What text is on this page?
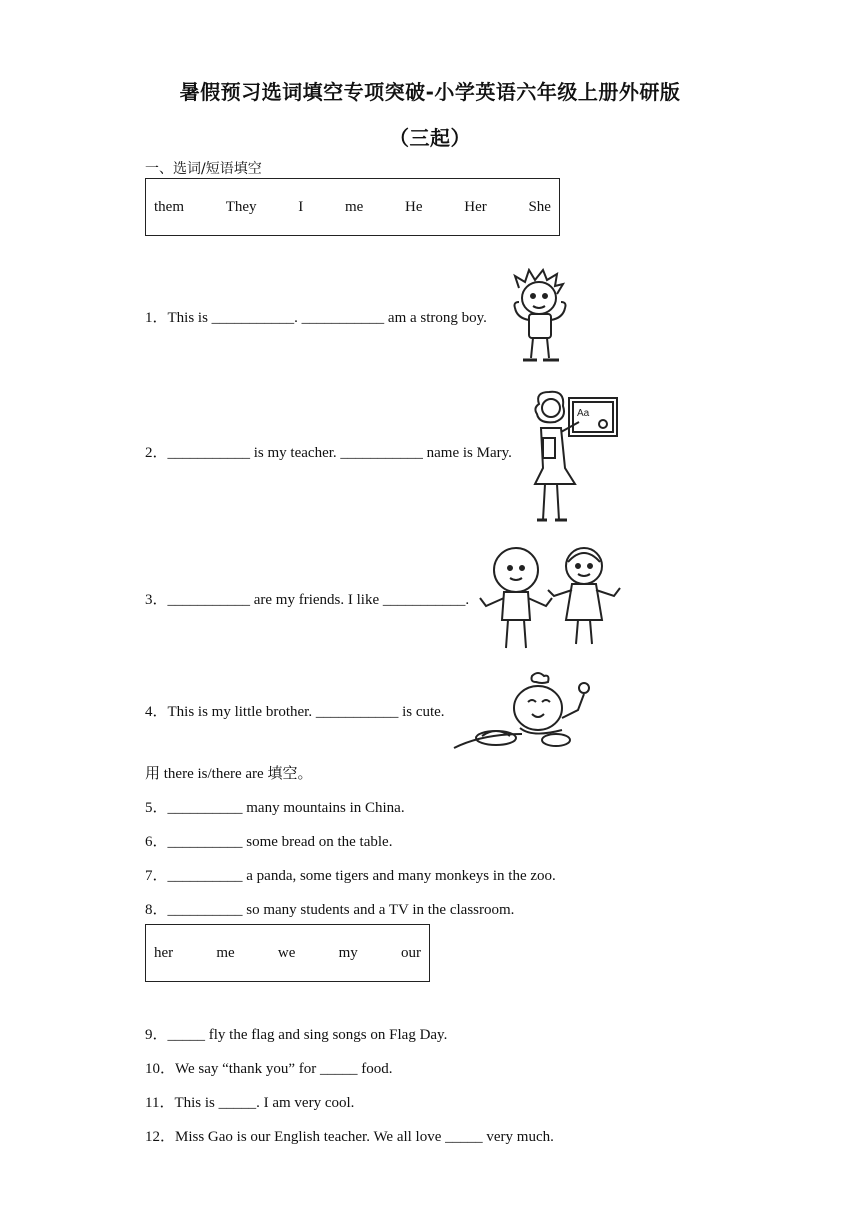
暑假预习选词填空专项突破-小学英语六年级上册外研版
（三起）
一、选词/短语填空
them	They	I	me	He	Her	She
1．This is ___________. ___________ am a strong boy.
2．___________ is my teacher. ___________ name is Mary.
3．___________ are my friends. I like ___________.
4．This is my little brother. ___________ is cute.
Aa
用 there is/there are 填空。
5．__________ many mountains in China.
6．__________ some bread on the table.
7．__________ a panda, some tigers and many monkeys in the zoo.
8．__________ so many students and a TV in the classroom.
her	me	we	my	our
9．_____ fly the flag and sing songs on Flag Day.
10．We say “thank you” for _____ food.
11．This is _____. I am very cool.
12．Miss Gao is our English teacher. We all love _____ very much.
